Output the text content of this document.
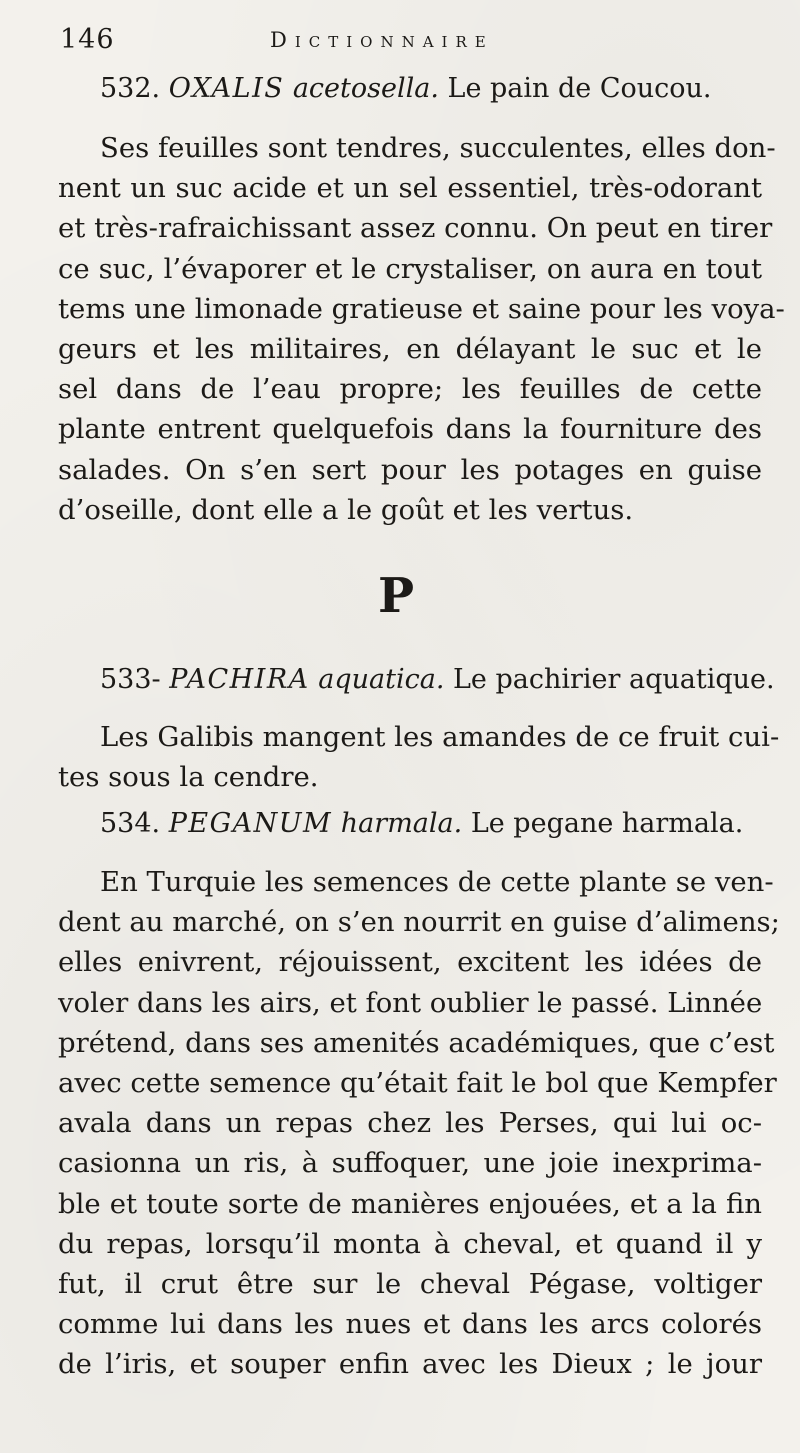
146	Dictionnaire
532. OXALIS acetosella. Le pain de Coucou.
Ses feuilles sont tendres, succulentes, elles don-
nent un suc acide et un sel essentiel, très-odorant
et très-rafraichissant assez connu. On peut en tirer
ce suc, l’évaporer et le crystaliser, on aura en tout
tems une limonade gratieuse et saine pour les voya-
geurs et les militaires, en délayant le suc et le
sel dans de l’eau propre; les feuilles de cette
plante entrent quelquefois dans la fourniture des
salades. On s’en sert pour les potages en guise
d’oseille, dont elle a le goût et les vertus.
P
533- PACHIRA aquatica. Le pachirier aquatique.
Les Galibis mangent les amandes de ce fruit cui-
tes sous la cendre.
534. PEGANUM harmala. Le pegane harmala.
En Turquie les semences de cette plante se ven-
dent au marché, on s’en nourrit en guise d’alimens;
elles enivrent, réjouissent, excitent les idées de
voler dans les airs, et font oublier le passé. Linnée
prétend, dans ses amenités académiques, que c’est
avec cette semence qu’était fait le bol que Kempfer
avala dans un repas chez les Perses, qui lui oc-
casionna un ris, à suffoquer, une joie inexprima-
ble et toute sorte de manières enjouées, et a la fin
du repas, lorsqu’il monta à cheval, et quand il y
fut, il crut être sur le cheval Pégase, voltiger
comme lui dans les nues et dans les arcs colorés
de l’iris, et souper enfin avec les Dieux ; le jour
